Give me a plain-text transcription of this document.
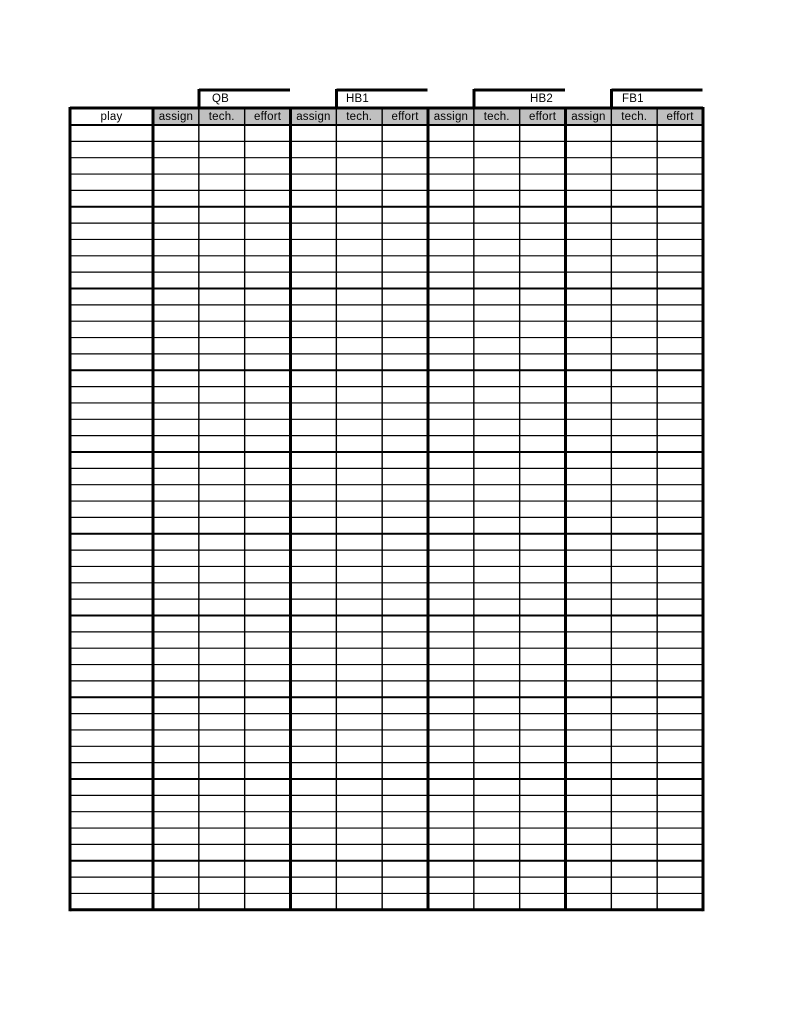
QB	HB1	HB2	FB1
play	assign	tech.	effort	assign	tech.	effort	assign	tech.	effort	assign	tech.	effort
